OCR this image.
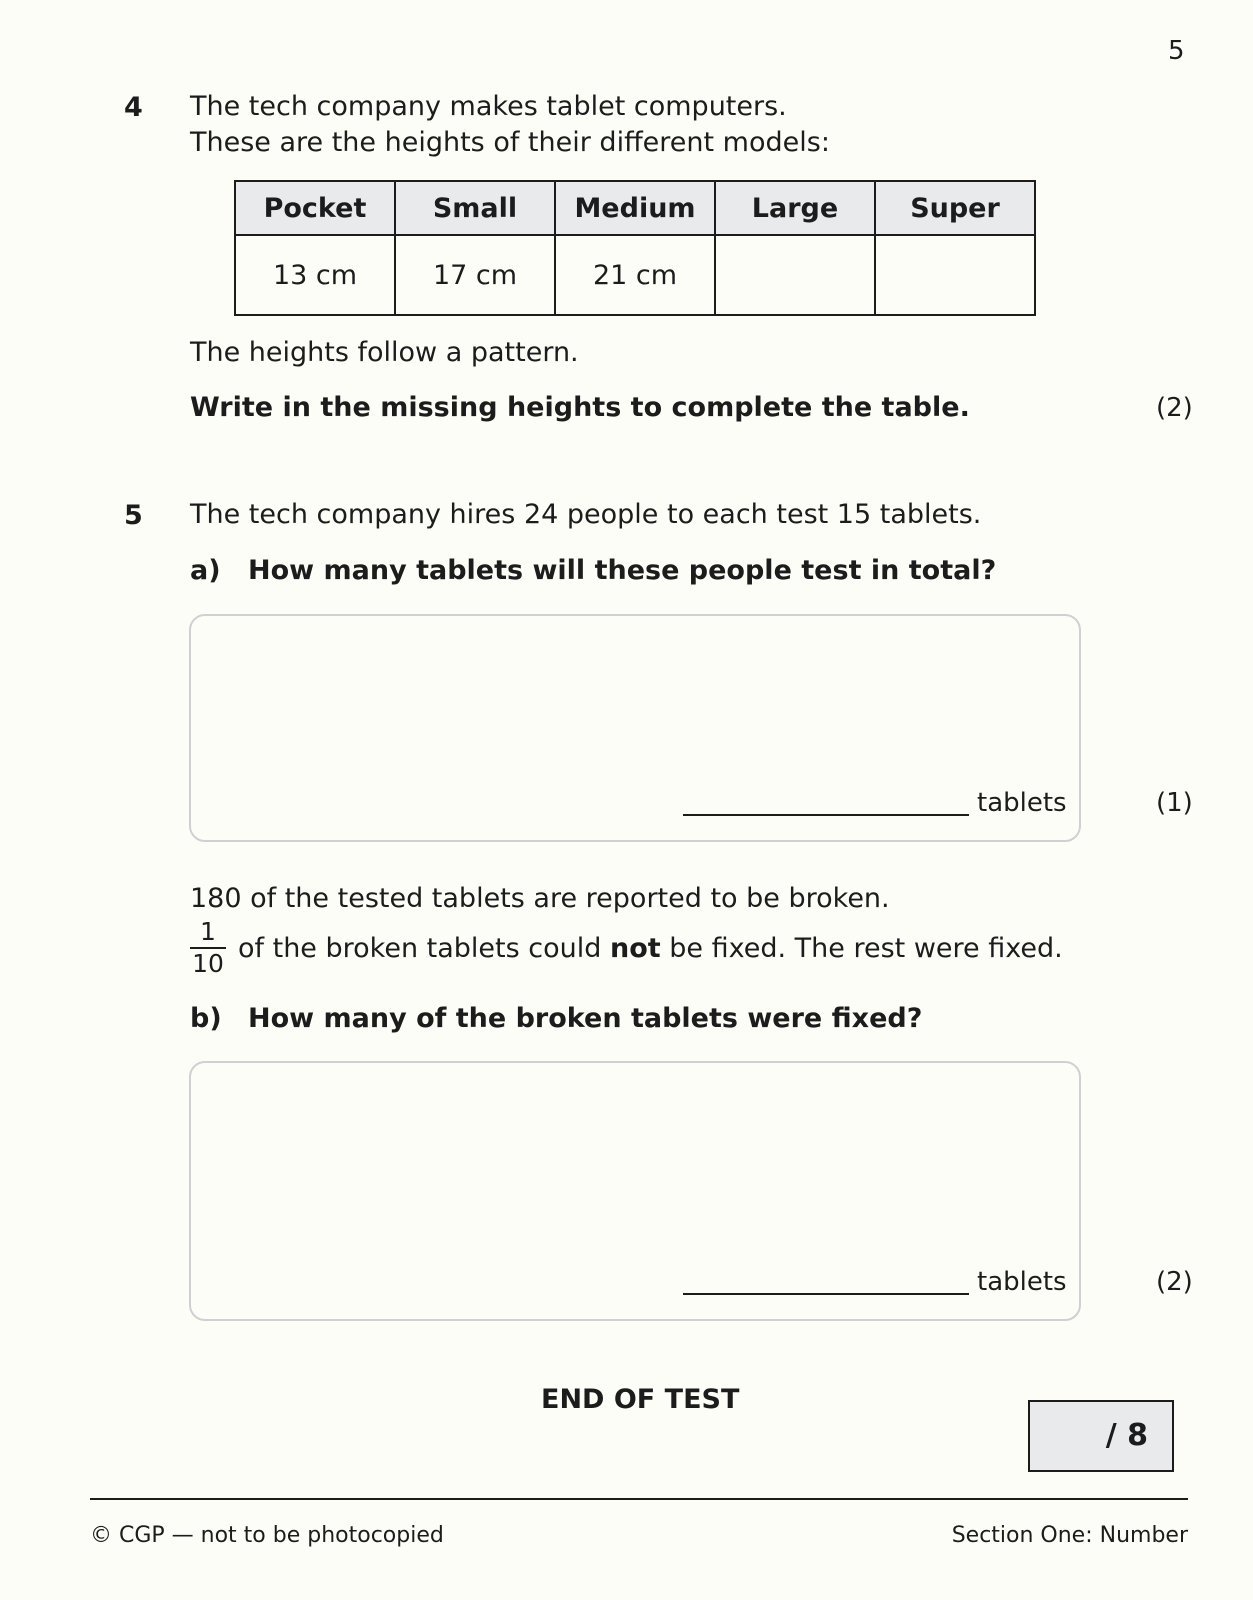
5
4 The tech company makes tablet computers.
These are the heights of their different models:
Pocket	Small	Medium	Large	Super
13 cm	17 cm	21 cm		
The heights follow a pattern.
Write in the missing heights to complete the table.	(2)
5 The tech company hires 24 people to each test 15 tablets.
a) How many tablets will these people test in total?
tablets	(1)
180 of the tested tablets are reported to be broken.
1
10 of the broken tablets could not be fixed. The rest were fixed.
b) How many of the broken tablets were fixed?
tablets	(2)
END OF TEST
/ 8
© CGP — not to be photocopied	Section One: Number
